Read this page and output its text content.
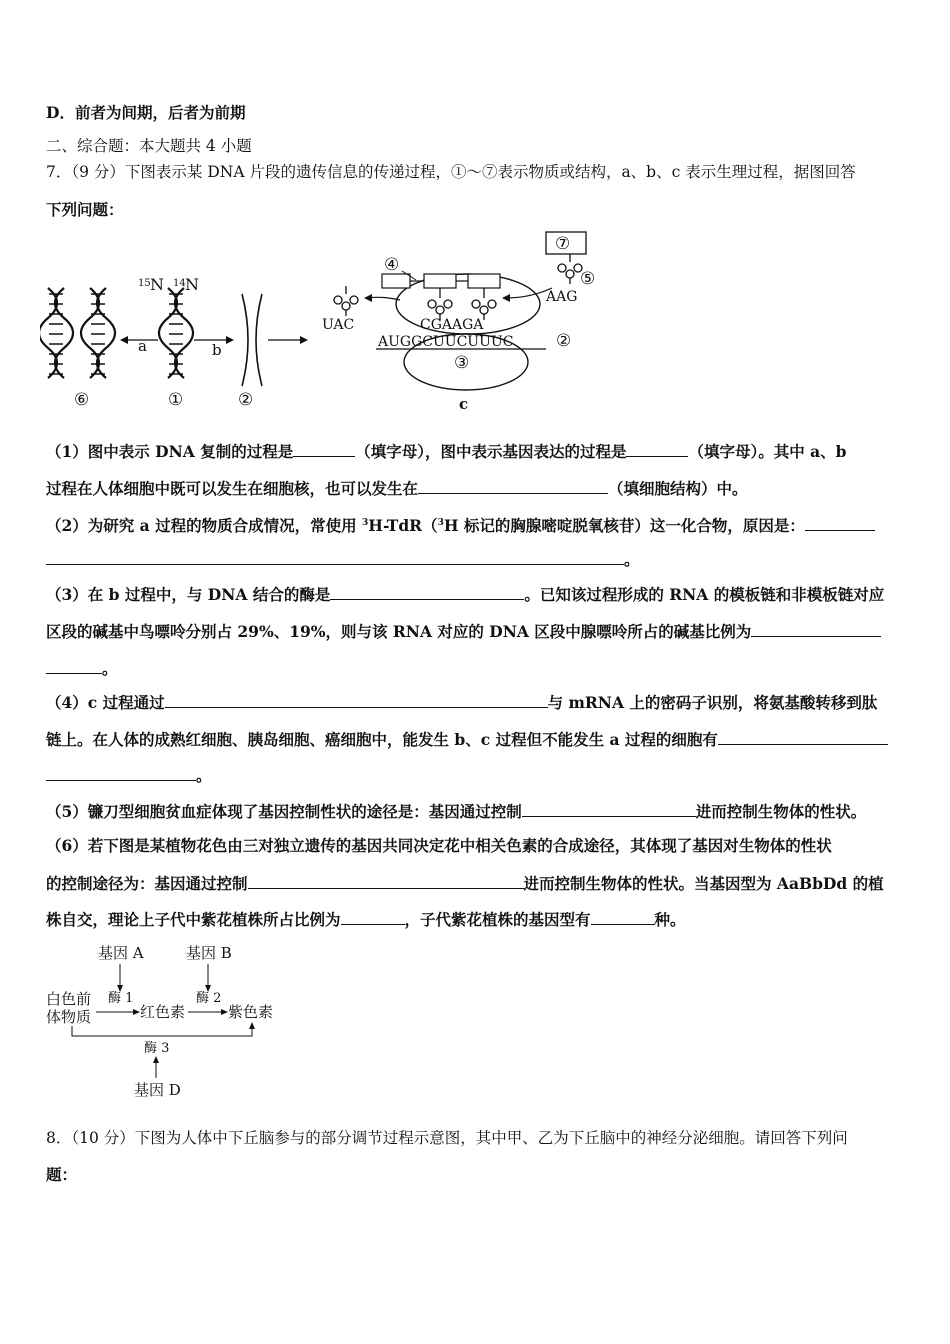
D．前者为间期，后者为前期
二、综合题：本大题共 4 小题
7．（9 分）下图表示某 DNA 片段的遗传信息的传递过程，①～⑦表示物质或结构，a、b、c 表示生理过程，据图回答
下列问题：
15 N 14 N
a	b
⑥	①	②
⑦
⑤
④
AAG
UAC	CGAAGA
AUGGCUUCUUUC	②
③
c
（1）图中表示 DNA 复制的过程是	（填字母），图中表示基因表达的过程是	（填字母）。其中 a、b
过程在人体细胞中既可以发生在细胞核，也可以发生在	（填细胞结构）中。
（2）为研究 a 过程的物质合成情况，常使用 $^3$H-TdR（$^3$H 标记的胸腺嘧啶脱氧核苷）这一化合物，原因是：
。
（3）在 b 过程中，与 DNA 结合的酶是	。已知该过程形成的 RNA 的模板链和非模板链对应
区段的碱基中鸟嘌呤分别占 29%、19%，则与该 RNA 对应的 DNA 区段中腺嘌呤所占的碱基比例为
。
（4）c 过程通过	与 mRNA 上的密码子识别，将氨基酸转移到肽
链上。在人体的成熟红细胞、胰岛细胞、癌细胞中，能发生 b、c 过程但不能发生 a 过程的细胞有
。
（5）镰刀型细胞贫血症体现了基因控制性状的途径是：基因通过控制	进而控制生物体的性状。
（6）若下图是某植物花色由三对独立遗传的基因共同决定花中相关色素的合成途径，其体现了基因对生物体的性状
的控制途径为：基因通过控制	进而控制生物体的性状。当基因型为 AaBbDd 的植
株自交，理论上子代中紫花植株所占比例为	，子代紫花植株的基因型有	种。
基因 A	基因 B
白色前
体物质
酶 1
红色素
酶 2
紫色素
酶 3
基因 D
8．（10 分）下图为人体中下丘脑参与的部分调节过程示意图，其中甲、乙为下丘脑中的神经分泌细胞。请回答下列问
题：
